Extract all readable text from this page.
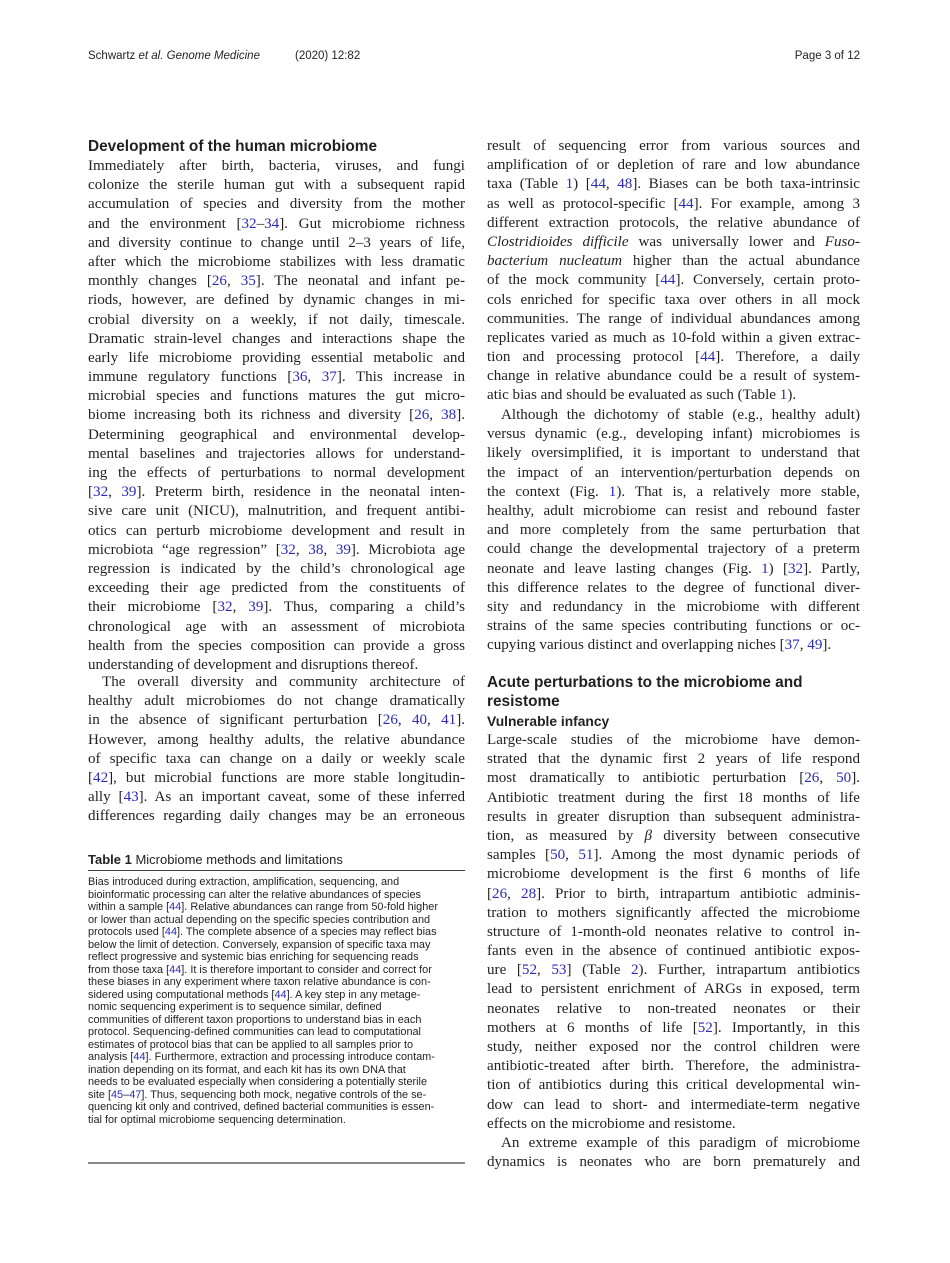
Schwartz et al. Genome Medicine	(2020) 12:82	Page 3 of 12
Development of the human microbiome
Immediately after birth, bacteria, viruses, and fungi
colonize the sterile human gut with a subsequent rapid
accumulation of species and diversity from the mother
and the environment [32–34]. Gut microbiome richness
and diversity continue to change until 2–3 years of life,
after which the microbiome stabilizes with less dramatic
monthly changes [26, 35]. The neonatal and infant pe-
riods, however, are defined by dynamic changes in mi-
crobial diversity on a weekly, if not daily, timescale.
Dramatic strain-level changes and interactions shape the
early life microbiome providing essential metabolic and
immune regulatory functions [36, 37]. This increase in
microbial species and functions matures the gut micro-
biome increasing both its richness and diversity [26, 38].
Determining geographical and environmental develop-
mental baselines and trajectories allows for understand-
ing the effects of perturbations to normal development
[32, 39]. Preterm birth, residence in the neonatal inten-
sive care unit (NICU), malnutrition, and frequent antibi-
otics can perturb microbiome development and result in
microbiota “age regression” [32, 38, 39]. Microbiota age
regression is indicated by the child’s chronological age
exceeding their age predicted from the constituents of
their microbiome [32, 39]. Thus, comparing a child’s
chronological age with an assessment of microbiota
health from the species composition can provide a gross
understanding of development and disruptions thereof.
The overall diversity and community architecture of
healthy adult microbiomes do not change dramatically
in the absence of significant perturbation [26, 40, 41].
However, among healthy adults, the relative abundance
of specific taxa can change on a daily or weekly scale
[42], but microbial functions are more stable longitudin-
ally [43]. As an important caveat, some of these inferred
differences regarding daily changes may be an erroneous
Table 1 Microbiome methods and limitations
Bias introduced during extraction, amplification, sequencing, and
bioinformatic processing can alter the relative abundances of species
within a sample [44]. Relative abundances can range from 50-fold higher
or lower than actual depending on the specific species contribution and
protocols used [44]. The complete absence of a species may reflect bias
below the limit of detection. Conversely, expansion of specific taxa may
reflect progressive and systemic bias enriching for sequencing reads
from those taxa [44]. It is therefore important to consider and correct for
these biases in any experiment where taxon relative abundance is con-
sidered using computational methods [44]. A key step in any metage-
nomic sequencing experiment is to sequence similar, defined
communities of different taxon proportions to understand bias in each
protocol. Sequencing-defined communities can lead to computational
estimates of protocol bias that can be applied to all samples prior to
analysis [44]. Furthermore, extraction and processing introduce contam-
ination depending on its format, and each kit has its own DNA that
needs to be evaluated especially when considering a potentially sterile
site [45–47]. Thus, sequencing both mock, negative controls of the se-
quencing kit only and contrived, defined bacterial communities is essen-
tial for optimal microbiome sequencing determination.
result of sequencing error from various sources and
amplification of or depletion of rare and low abundance
taxa (Table 1) [44, 48]. Biases can be both taxa-intrinsic
as well as protocol-specific [44]. For example, among 3
different extraction protocols, the relative abundance of
Clostridioides difficile was universally lower and Fuso-
bacterium nucleatum higher than the actual abundance
of the mock community [44]. Conversely, certain proto-
cols enriched for specific taxa over others in all mock
communities. The range of individual abundances among
replicates varied as much as 10-fold within a given extrac-
tion and processing protocol [44]. Therefore, a daily
change in relative abundance could be a result of system-
atic bias and should be evaluated as such (Table 1).
Although the dichotomy of stable (e.g., healthy adult)
versus dynamic (e.g., developing infant) microbiomes is
likely oversimplified, it is important to understand that
the impact of an intervention/perturbation depends on
the context (Fig. 1). That is, a relatively more stable,
healthy, adult microbiome can resist and rebound faster
and more completely from the same perturbation that
could change the developmental trajectory of a preterm
neonate and leave lasting changes (Fig. 1) [32]. Partly,
this difference relates to the degree of functional diver-
sity and redundancy in the microbiome with different
strains of the same species contributing functions or oc-
cupying various distinct and overlapping niches [37, 49].
Acute perturbations to the microbiome and
resistome
Vulnerable infancy
Large-scale studies of the microbiome have demon-
strated that the dynamic first 2 years of life respond
most dramatically to antibiotic perturbation [26, 50].
Antibiotic treatment during the first 18 months of life
results in greater disruption than subsequent administra-
tion, as measured by β diversity between consecutive
samples [50, 51]. Among the most dynamic periods of
microbiome development is the first 6 months of life
[26, 28]. Prior to birth, intrapartum antibiotic adminis-
tration to mothers significantly affected the microbiome
structure of 1-month-old neonates relative to control in-
fants even in the absence of continued antibiotic expos-
ure [52, 53] (Table 2). Further, intrapartum antibiotics
lead to persistent enrichment of ARGs in exposed, term
neonates relative to non-treated neonates or their
mothers at 6 months of life [52]. Importantly, in this
study, neither exposed nor the control children were
antibiotic-treated after birth. Therefore, the administra-
tion of antibiotics during this critical developmental win-
dow can lead to short- and intermediate-term negative
effects on the microbiome and resistome.
An extreme example of this paradigm of microbiome
dynamics is neonates who are born prematurely and
